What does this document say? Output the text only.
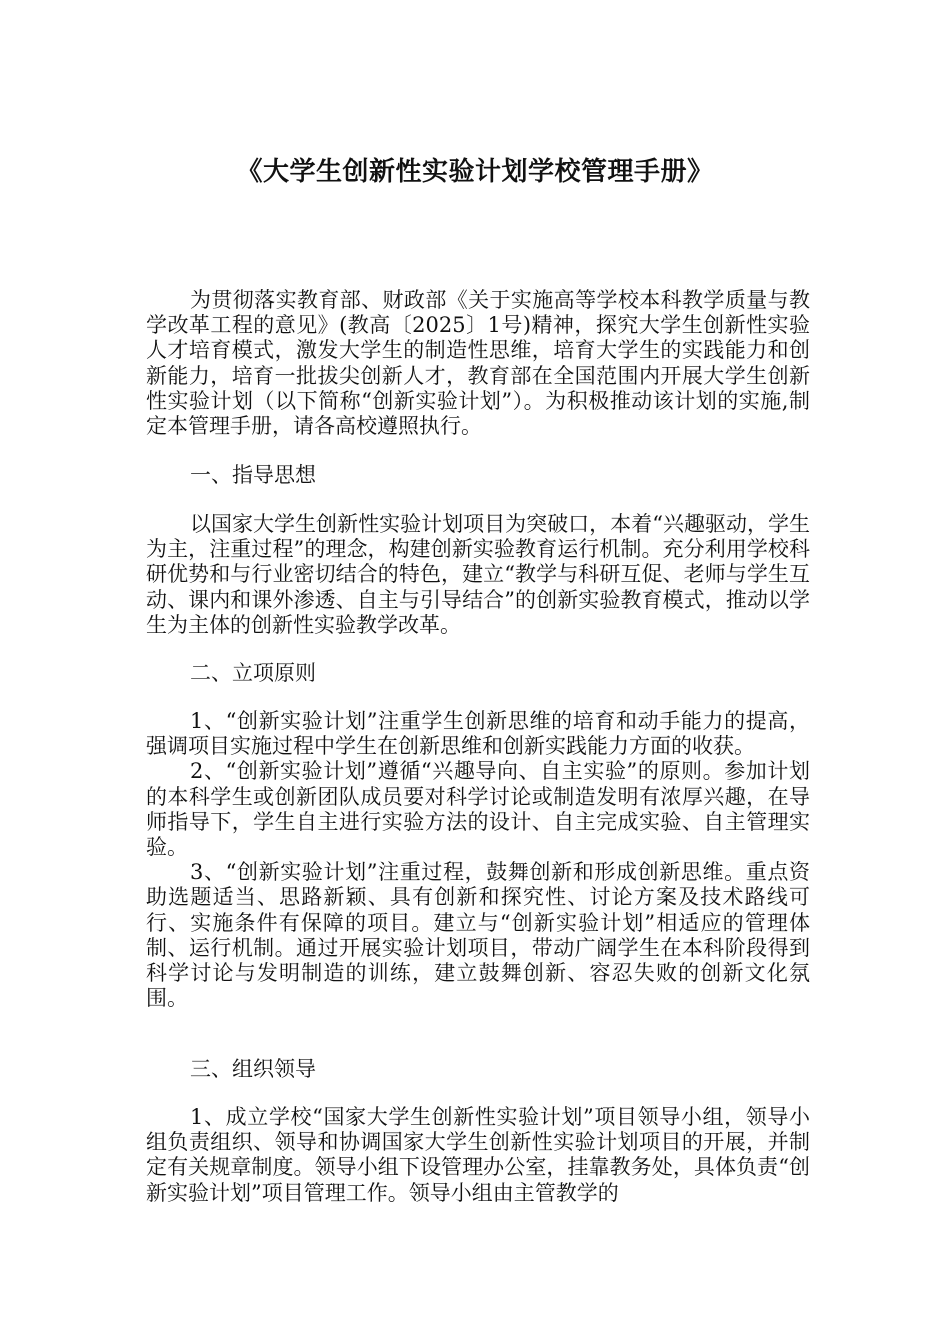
《大学生创新性实验计划学校管理手册》

为贯彻落实教育部、财政部《关于实施高等学校本科教学质量与教学改革工程的意见》(教高〔2025〕1号)精神，探究大学生创新性实验人才培育模式，激发大学生的制造性思维，培育大学生的实践能力和创新能力，培育一批拔尖创新人才，教育部在全国范围内开展大学生创新性实验计划（以下简称“创新实验计划”）。为积极推动该计划的实施,制定本管理手册，请各高校遵照执行。

一、指导思想

以国家大学生创新性实验计划项目为突破口，本着“兴趣驱动，学生为主，注重过程”的理念，构建创新实验教育运行机制。充分利用学校科研优势和与行业密切结合的特色，建立“教学与科研互促、老师与学生互动、课内和课外渗透、自主与引导结合”的创新实验教育模式，推动以学生为主体的创新性实验教学改革。

二、立项原则

1、“创新实验计划”注重学生创新思维的培育和动手能力的提高，强调项目实施过程中学生在创新思维和创新实践能力方面的收获。

2、“创新实验计划”遵循“兴趣导向、自主实验”的原则。参加计划的本科学生或创新团队成员要对科学讨论或制造发明有浓厚兴趣，在导师指导下，学生自主进行实验方法的设计、自主完成实验、自主管理实验。

3、“创新实验计划”注重过程，鼓舞创新和形成创新思维。重点资助选题适当、思路新颖、具有创新和探究性、讨论方案及技术路线可行、实施条件有保障的项目。建立与“创新实验计划”相适应的管理体制、运行机制。通过开展实验计划项目，带动广阔学生在本科阶段得到科学讨论与发明制造的训练，建立鼓舞创新、容忍失败的创新文化氛围。

三、组织领导

1、成立学校“国家大学生创新性实验计划”项目领导小组，领导小组负责组织、领导和协调国家大学生创新性实验计划项目的开展，并制定有关规章制度。领导小组下设管理办公室，挂靠教务处，具体负责“创新实验计划”项目管理工作。领导小组由主管教学的
